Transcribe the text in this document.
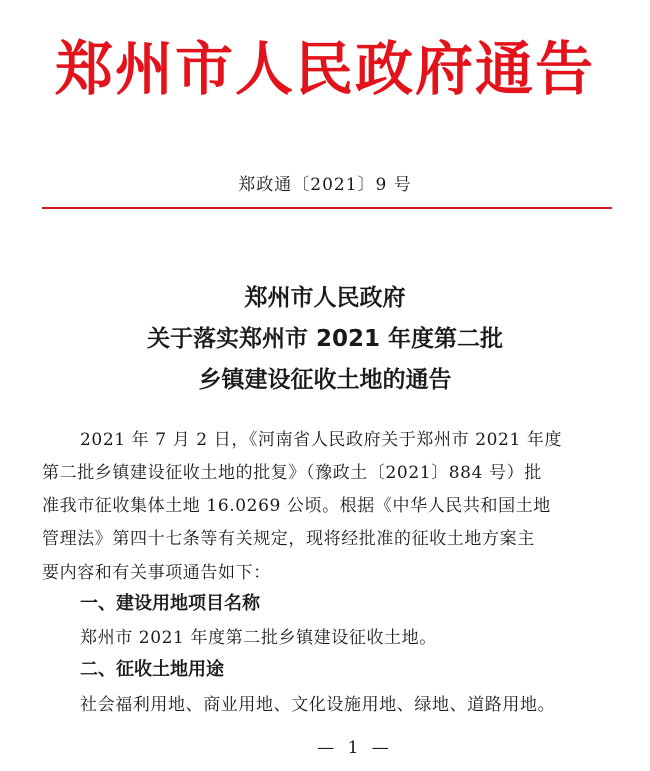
郑州市人民政府通告
郑政通〔2021〕9 号
郑州市人民政府
关于落实郑州市 2021 年度第二批
乡镇建设征收土地的通告
2021 年 7 月 2 日，《河南省人民政府关于郑州市 2021 年度
第二批乡镇建设征收土地的批复》（豫政土〔2021〕884 号）批
准我市征收集体土地 16.0269 公顷。根据《中华人民共和国土地
管理法》第四十七条等有关规定，现将经批准的征收土地方案主
要内容和有关事项通告如下：
一、建设用地项目名称
郑州市 2021 年度第二批乡镇建设征收土地。
二、征收土地用途
社会福利用地、商业用地、文化设施用地、绿地、道路用地。
— 1 —
